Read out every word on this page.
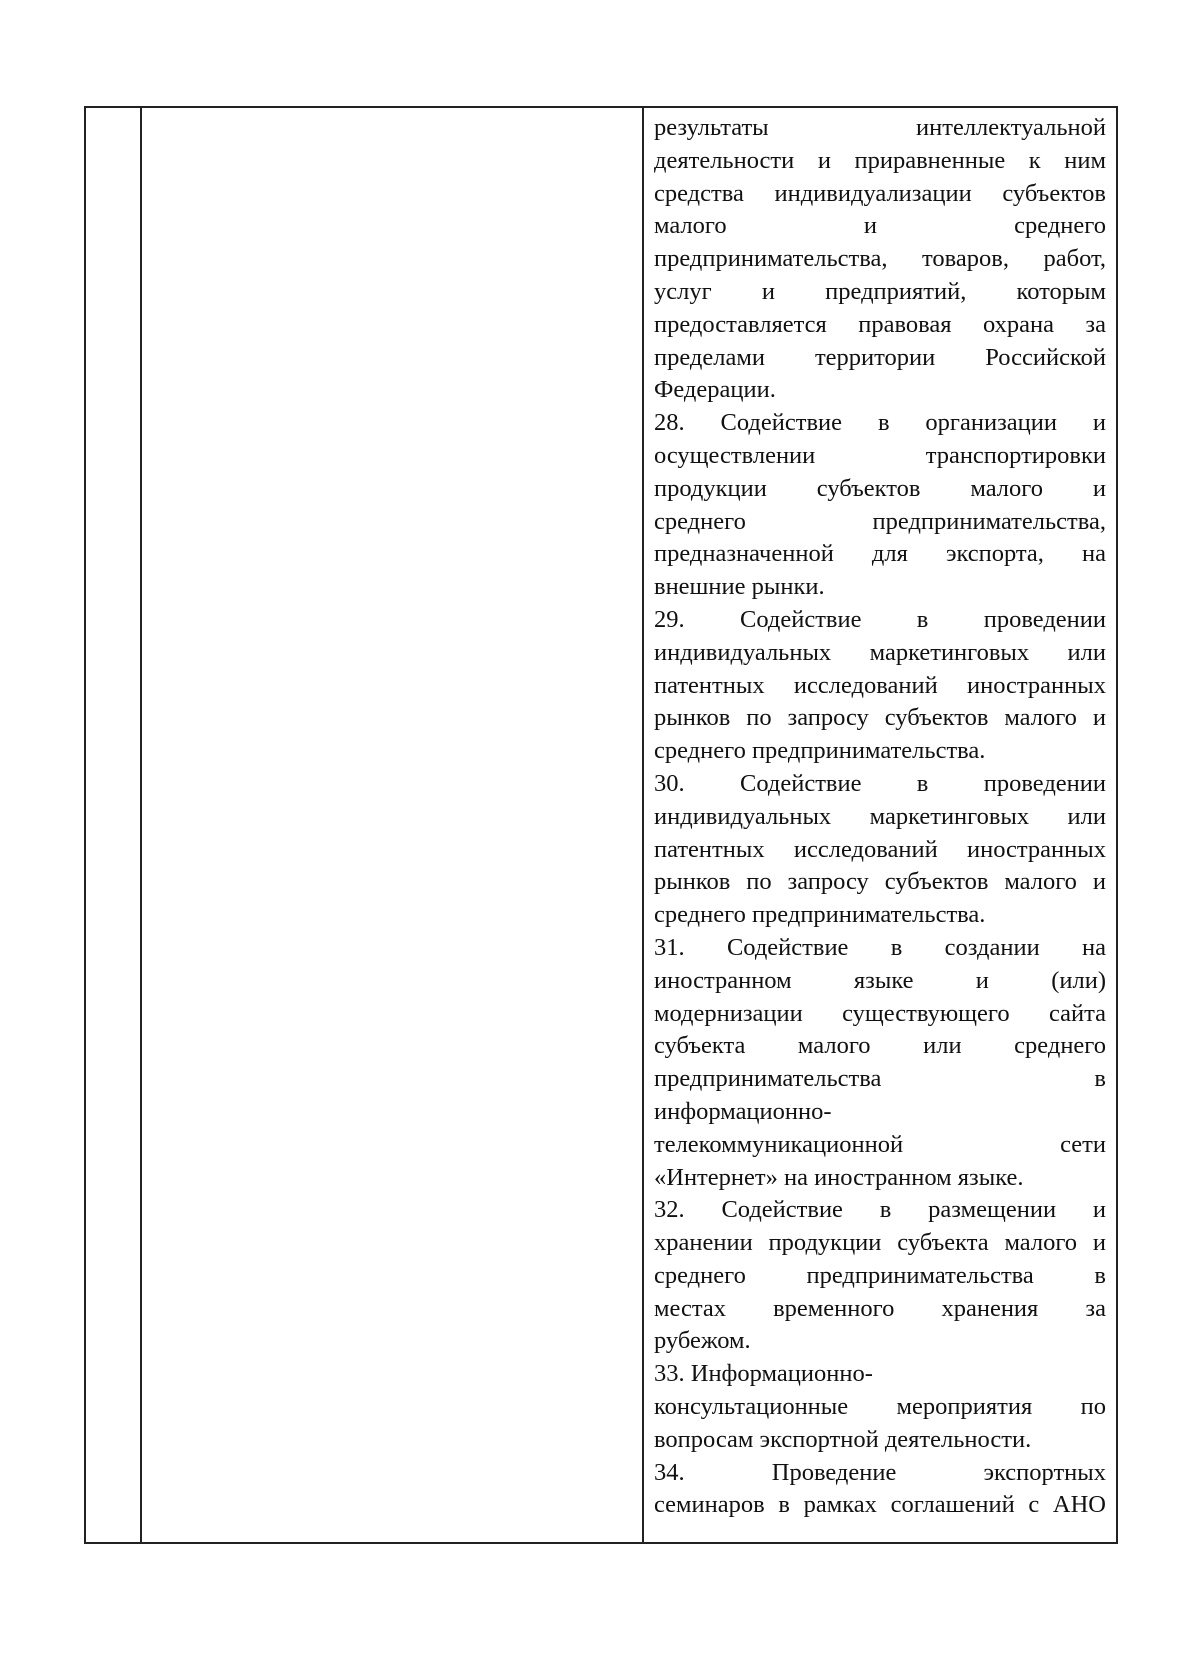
результаты интеллектуальной
деятельности и приравненные к ним
средства индивидуализации субъектов
малого и среднего
предпринимательства, товаров, работ,
услуг и предприятий, которым
предоставляется правовая охрана за
пределами территории Российской
Федерации.
28. Содействие в организации и
осуществлении транспортировки
продукции субъектов малого и
среднего предпринимательства,
предназначенной для экспорта, на
внешние рынки.
29. Содействие в проведении
индивидуальных маркетинговых или
патентных исследований иностранных
рынков по запросу субъектов малого и
среднего предпринимательства.
30. Содействие в проведении
индивидуальных маркетинговых или
патентных исследований иностранных
рынков по запросу субъектов малого и
среднего предпринимательства.
31. Содействие в создании на
иностранном языке и (или)
модернизации существующего сайта
субъекта малого или среднего
предпринимательства в
информационно-
телекоммуникационной сети
«Интернет» на иностранном языке.
32. Содействие в размещении и
хранении продукции субъекта малого и
среднего предпринимательства в
местах временного хранения за
рубежом.
33. Информационно-
консультационные мероприятия по
вопросам экспортной деятельности.
34. Проведение экспортных
семинаров в рамках соглашений с АНО
